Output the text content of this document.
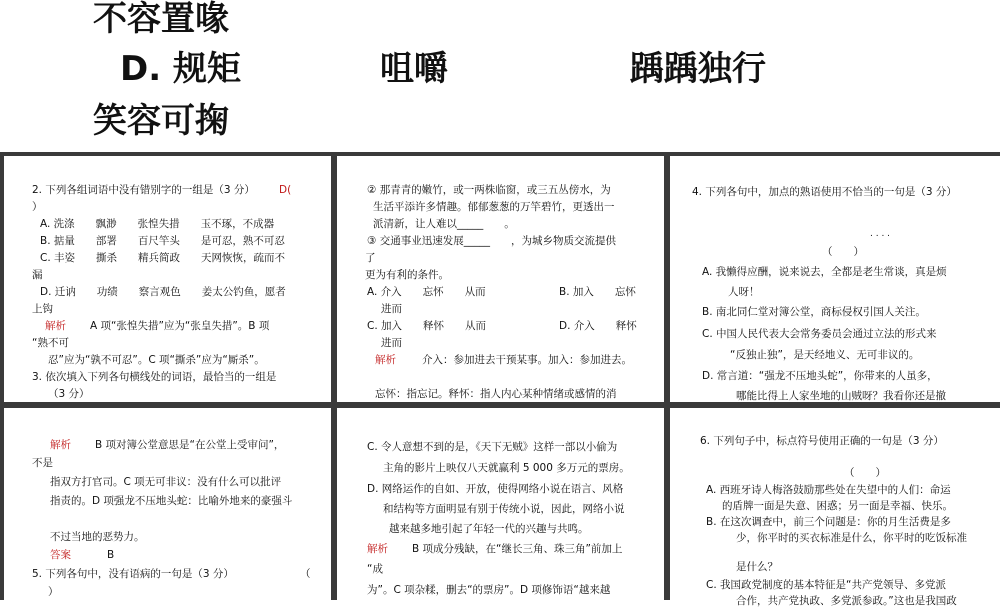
不容置喙
D. 规矩	咀嚼	踽踽独行
笑容可掬
2. 下列各组词语中没有错别字的一组是（3 分） D(
）
A. 洗涤　　飘渺　　张惶失措　　玉不琢，不成器
B. 掂量　　部署　　百尺竿头　　是可忍，熟不可忍
C. 丰姿　　撕杀　　精兵简政　　天网恢恢，疏而不
漏
D. 迁讷　　功绩　　察言观色　　姜太公钓鱼，愿者
上钩
解析 A 项“张惶失措”应为“张皇失措”。B 项
“熟不可
忍”应为“孰不可忍”。C 项“撕杀”应为“厮杀”。
3. 依次填入下列各句横线处的词语，最恰当的一组是
（3 分）
② 那青青的嫩竹，或一两株临窗，或三五丛傍水，为
生活平添许多情趣。郁郁葱葱的万竿碧竹，更透出一
派清新，让人难以_____　　。
③ 交通事业迅速发展_____　　，为城乡物质交流提供
了
更为有利的条件。
A. 介入　　忘怀　　从而	B. 加入　　忘怀
进而
C. 加入　　释怀　　从而	D. 介入　　释怀
进而
解析 介入：参加进去干预某事。加入：参加进去。
忘怀：指忘记。释怀：指人内心某种情绪或感情的消
4. 下列各句中，加点的熟语使用不恰当的一句是（3 分）
. . . .
（　　）
A. 我懒得应酬，说来说去，全都是老生常谈，真是烦
人呀！
B. 南北同仁堂对簿公堂，商标侵权引国人关注。
C. 中国人民代表大会常务委员会通过立法的形式来
“反独止独”，是天经地义、无可非议的。
D. 常言道：“强龙不压地头蛇”，你带来的人虽多，
哪能比得上人家坐地的山贼呀？我看你还是撤
解析 B 项对簿公堂意思是“在公堂上受审问”，
不是
指双方打官司。C 项无可非议：没有什么可以批评
指责的。D 项强龙不压地头蛇：比喻外地来的豪强斗
不过当地的恶势力。
答案	B
5. 下列各句中，没有语病的一句是（3 分）	（
）
C. 令人意想不到的是，《天下无贼》这样一部以小偷为
主角的影片上映仅八天就赢利 5 000 多万元的票房。
D. 网络运作的自如、开放，使得网络小说在语言、风格
和结构等方面明显有别于传统小说，因此，网络小说
越来越多地引起了年轻一代的兴趣与共鸣。
解析 B 项成分残缺，在“继长三角、珠三角”前加上
“成
为”。C 项杂糅，删去“的票房”。D 项修饰语“越来越
6. 下列句子中，标点符号使用正确的一句是（3 分）
（　　）
A. 西班牙诗人梅洛鼓励那些处在失望中的人们：命运
的盾牌一面是失意、困惑；另一面是幸福、快乐。
B. 在这次调查中，前三个问题是：你的月生活费是多
少，你平时的买衣标准是什么，你平时的吃饭标准
是什么？
C. 我国政党制度的基本特征是“共产党领导、多党派
合作，共产党执政、多党派参政。”这也是我国政
